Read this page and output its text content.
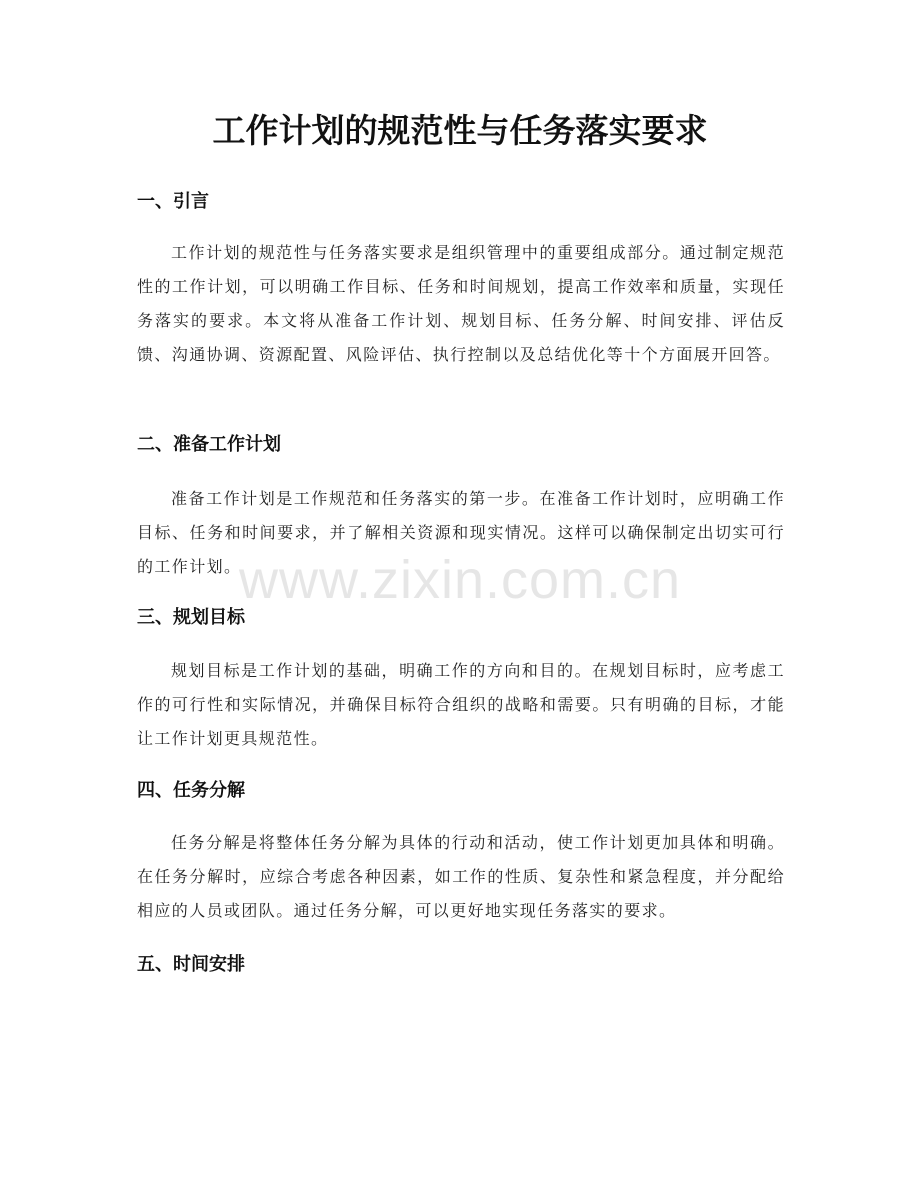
工作计划的规范性与任务落实要求
一、引言

工作计划的规范性与任务落实要求是组织管理中的重要组成部分。通过制定规范性的工作计划，可以明确工作目标、任务和时间规划，提高工作效率和质量，实现任务落实的要求。本文将从准备工作计划、规划目标、任务分解、时间安排、评估反馈、沟通协调、资源配置、风险评估、执行控制以及总结优化等十个方面展开回答。

二、准备工作计划

准备工作计划是工作规范和任务落实的第一步。在准备工作计划时，应明确工作目标、任务和时间要求，并了解相关资源和现实情况。这样可以确保制定出切实可行的工作计划。

三、规划目标

规划目标是工作计划的基础，明确工作的方向和目的。在规划目标时，应考虑工作的可行性和实际情况，并确保目标符合组织的战略和需要。只有明确的目标，才能让工作计划更具规范性。

四、任务分解

任务分解是将整体任务分解为具体的行动和活动，使工作计划更加具体和明确。在任务分解时，应综合考虑各种因素，如工作的性质、复杂性和紧急程度，并分配给相应的人员或团队。通过任务分解，可以更好地实现任务落实的要求。

五、时间安排
www.zixin.com.cn
